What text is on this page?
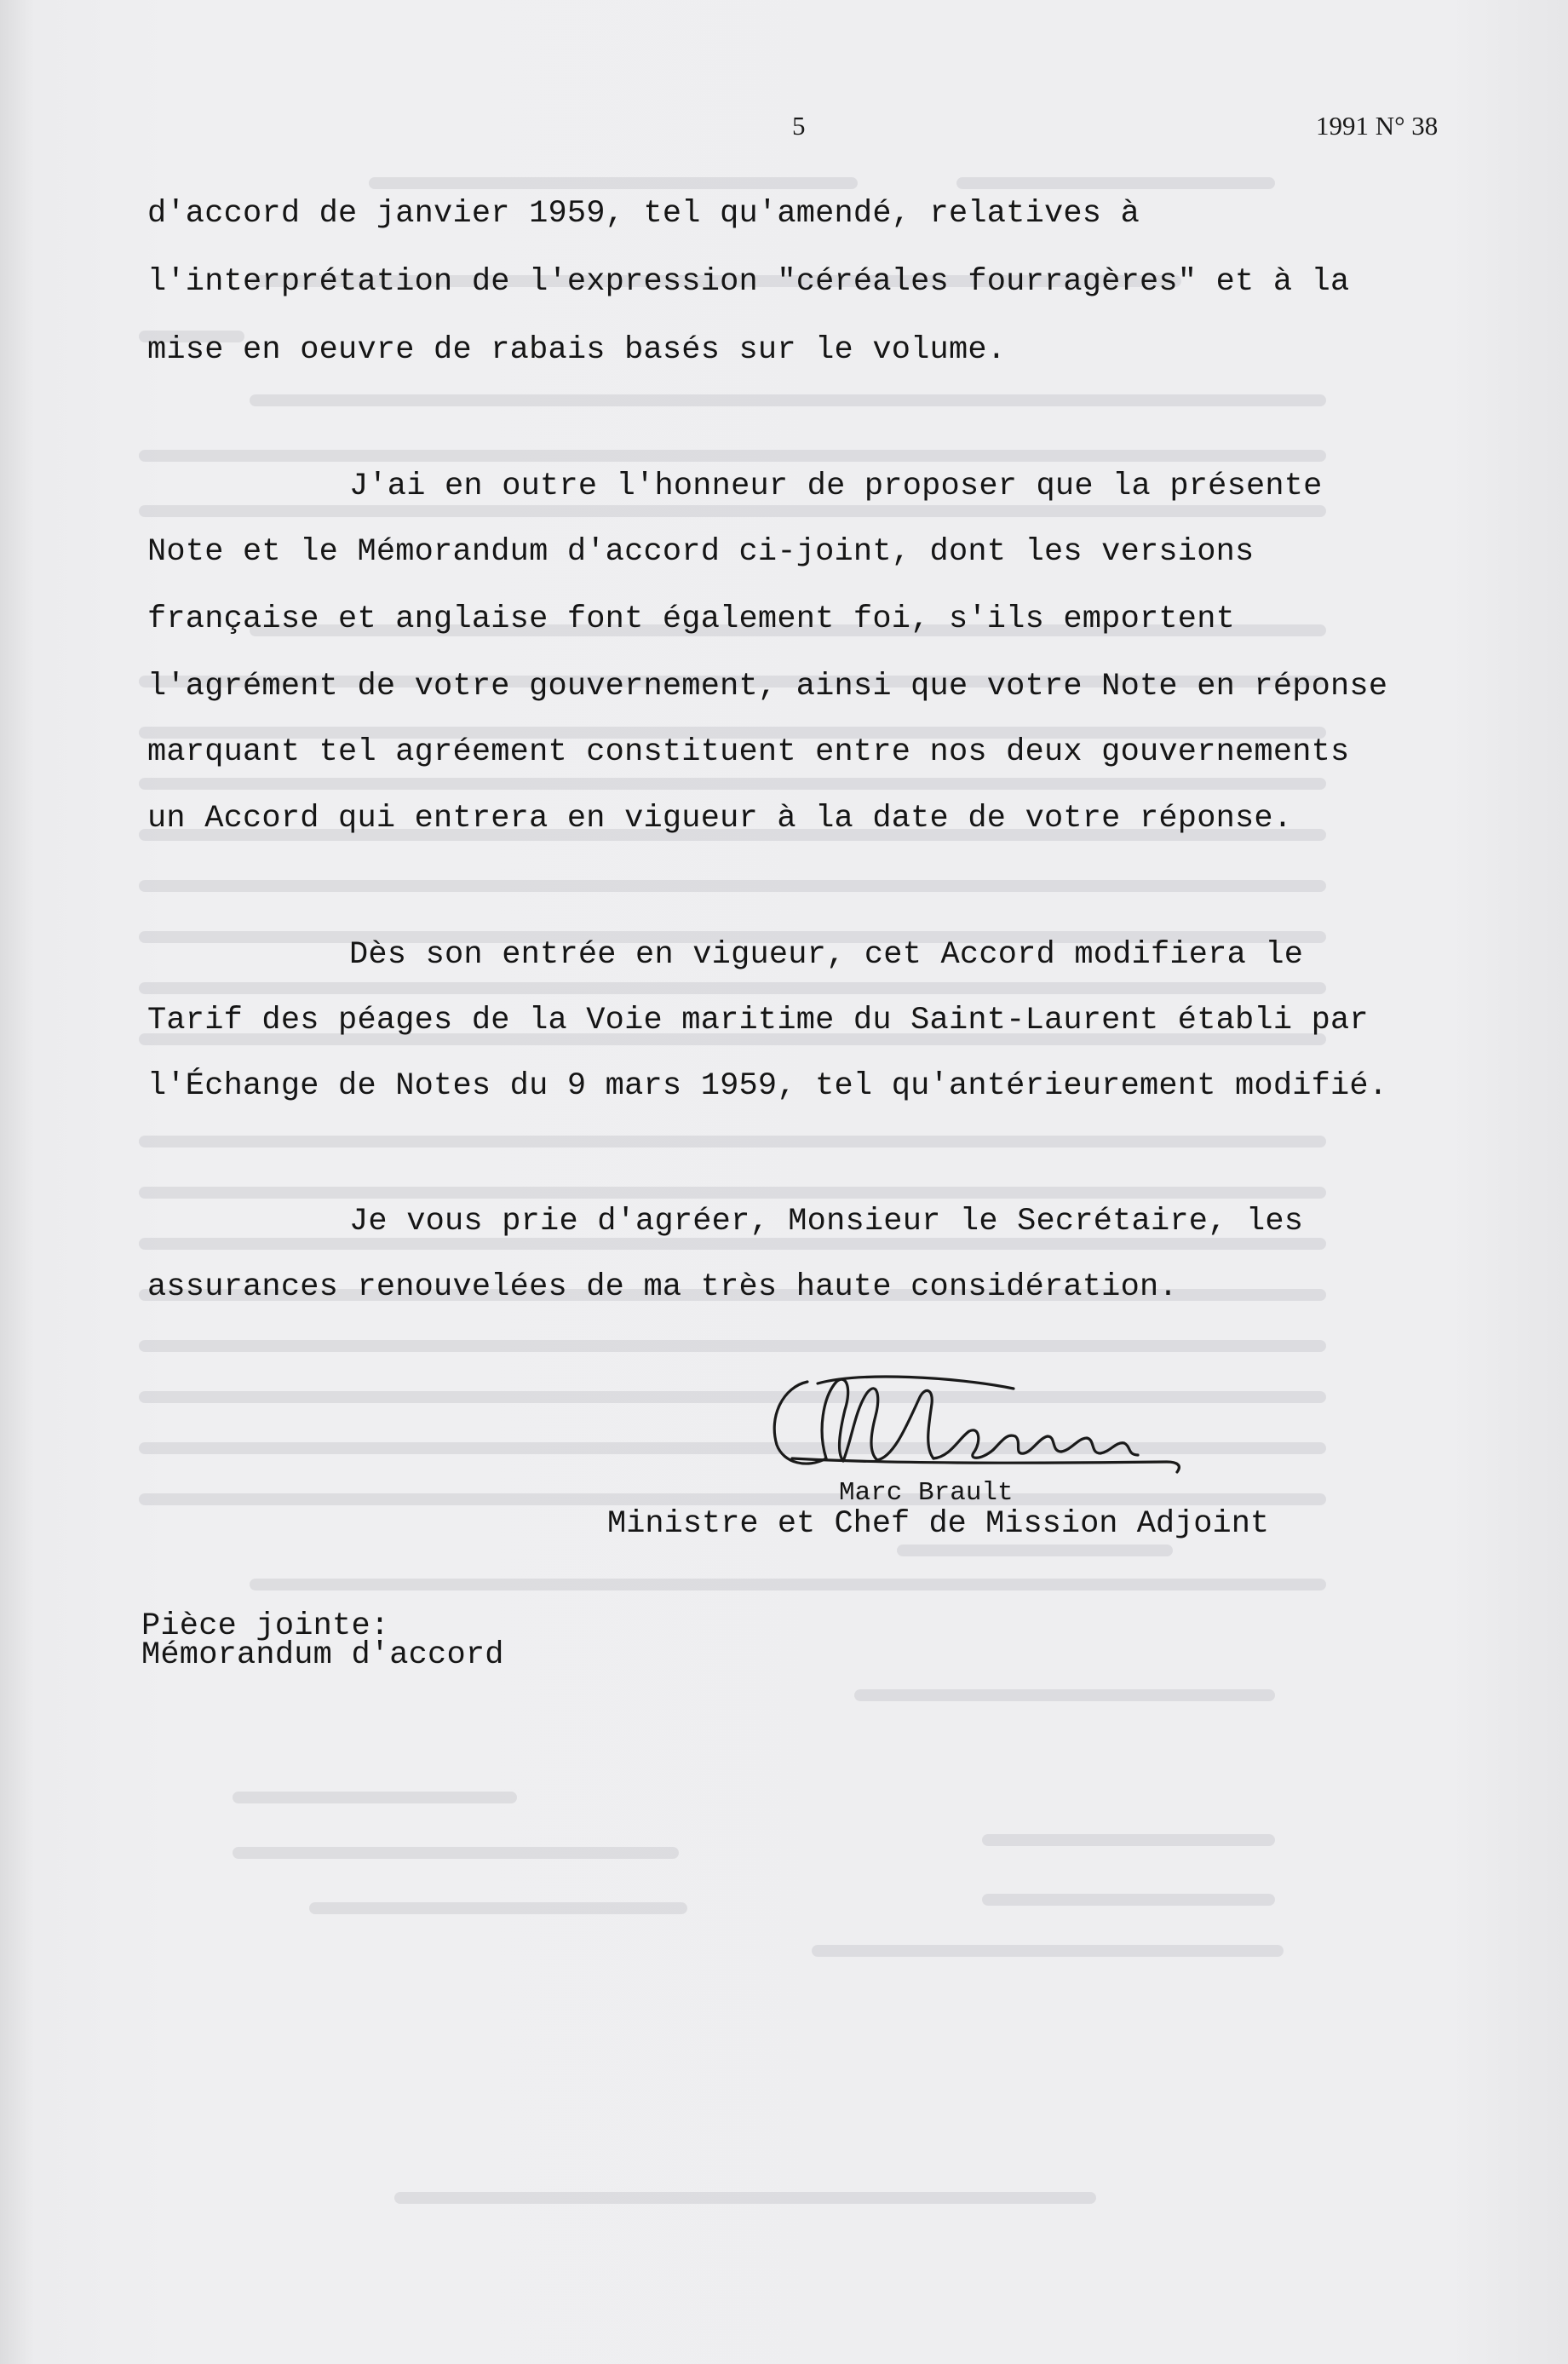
5	1991 N° 38
d'accord de janvier 1959, tel qu'amendé, relatives à
l'interprétation de l'expression "céréales fourragères" et à la
mise en oeuvre de rabais basés sur le volume.
J'ai en outre l'honneur de proposer que la présente
Note et le Mémorandum d'accord ci-joint, dont les versions
française et anglaise font également foi, s'ils emportent
l'agrément de votre gouvernement, ainsi que votre Note en réponse
marquant tel agréement constituent entre nos deux gouvernements
un Accord qui entrera en vigueur à la date de votre réponse.
Dès son entrée en vigueur, cet Accord modifiera le
Tarif des péages de la Voie maritime du Saint-Laurent établi par
l'Échange de Notes du 9 mars 1959, tel qu'antérieurement modifié.
Je vous prie d'agréer, Monsieur le Secrétaire, les
assurances renouvelées de ma très haute considération.
Marc Brault
Ministre et Chef de Mission Adjoint
Pièce jointe:
Mémorandum d'accord
